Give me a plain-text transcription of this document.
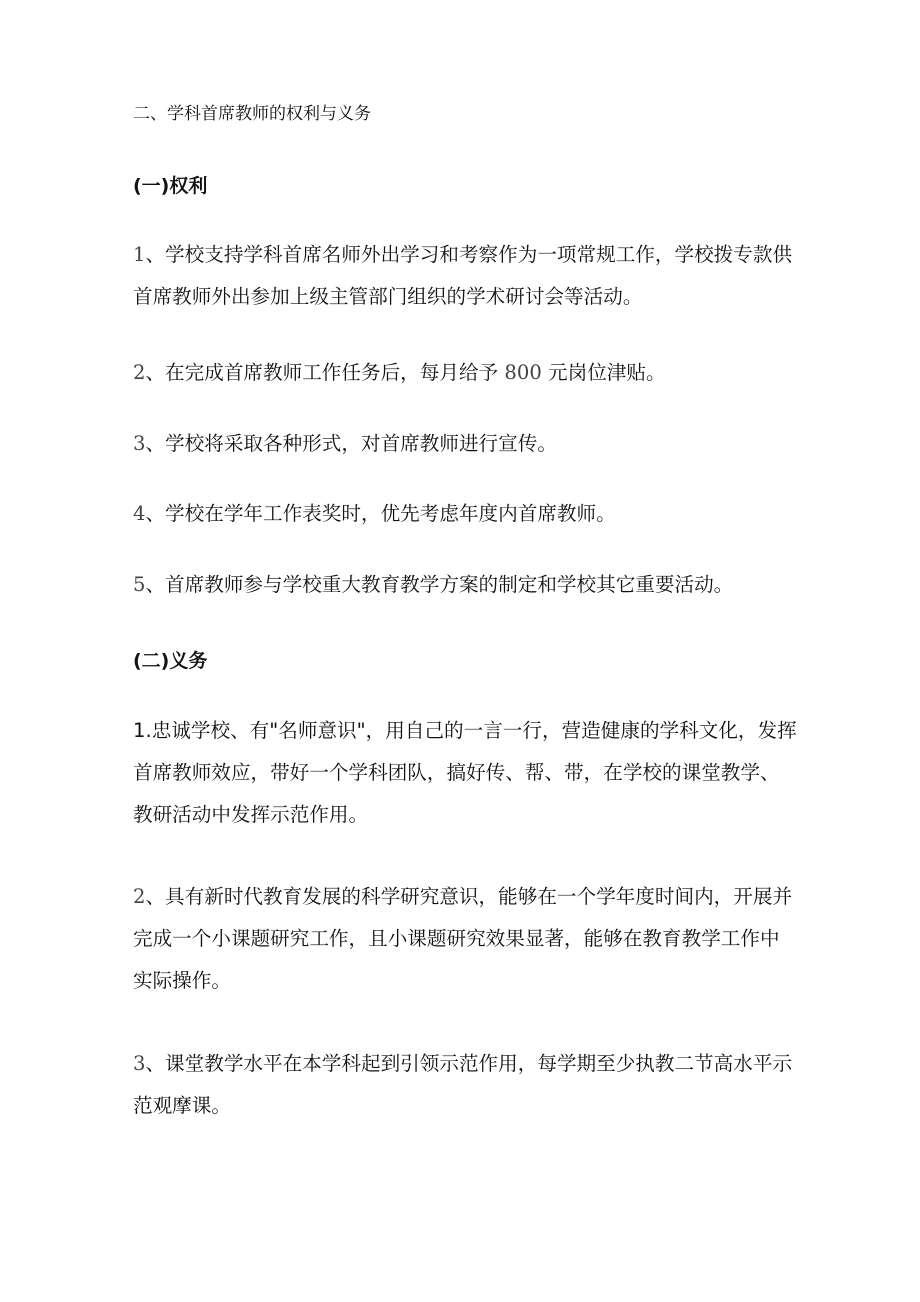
二、学科首席教师的权利与义务
(一)权利

1、学校支持学科首席名师外出学习和考察作为一项常规工作，学校拨专款供首席教师外出参加上级主管部门组织的学术研讨会等活动。

2、在完成首席教师工作任务后，每月给予 800 元岗位津贴。

3、学校将采取各种形式，对首席教师进行宣传。

4、学校在学年工作表奖时，优先考虑年度内首席教师。

5、首席教师参与学校重大教育教学方案的制定和学校其它重要活动。

(二)义务

1.忠诚学校、有"名师意识"，用自己的一言一行，营造健康的学科文化，发挥首席教师效应，带好一个学科团队，搞好传、帮、带，在学校的课堂教学、教研活动中发挥示范作用。

2、具有新时代教育发展的科学研究意识，能够在一个学年度时间内，开展并完成一个小课题研究工作，且小课题研究效果显著，能够在教育教学工作中实际操作。

3、课堂教学水平在本学科起到引领示范作用，每学期至少执教二节高水平示范观摩课。
